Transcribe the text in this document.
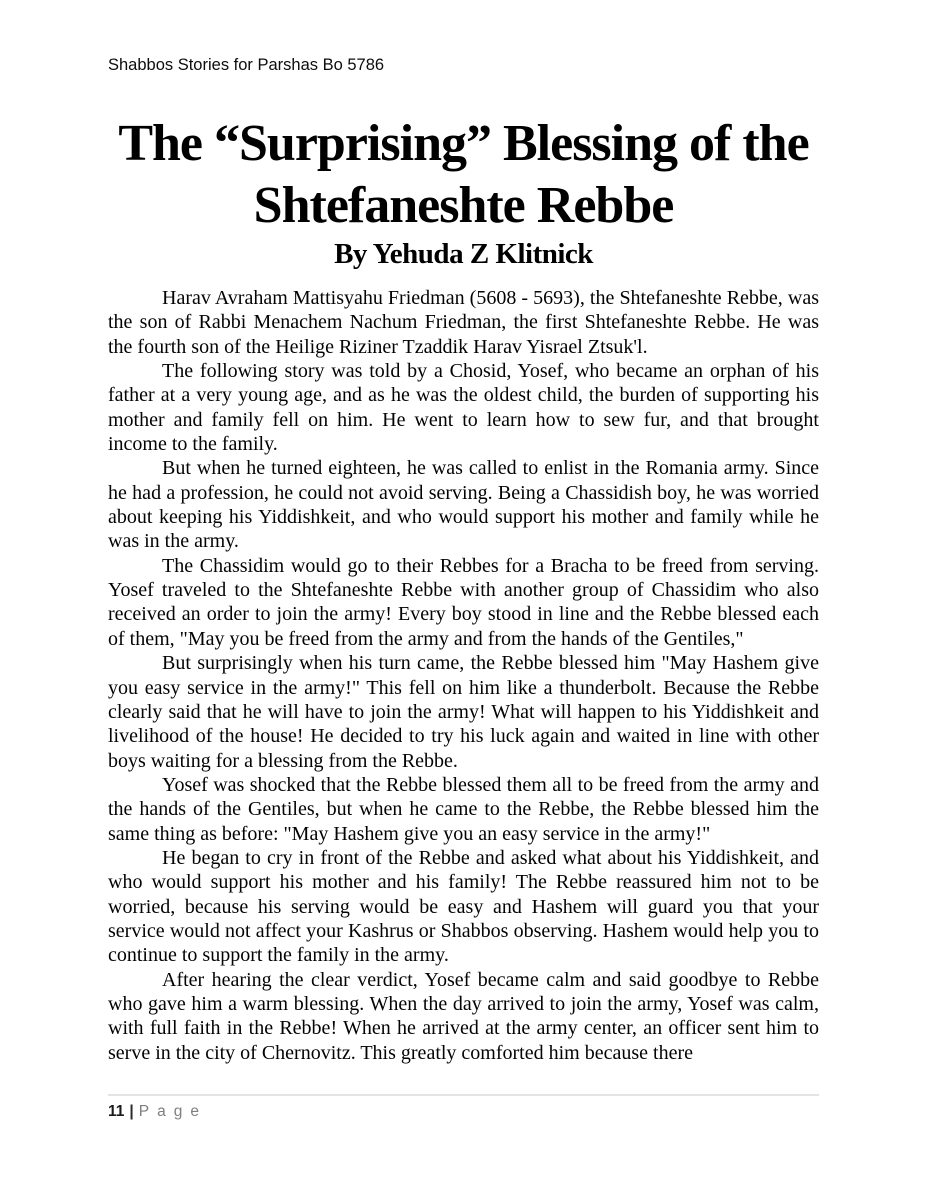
Shabbos Stories for Parshas Bo 5786
The “Surprising” Blessing of the Shtefaneshte Rebbe
By Yehuda Z Klitnick

Harav Avraham Mattisyahu Friedman (5608 - 5693), the Shtefaneshte Rebbe, was the son of Rabbi Menachem Nachum Friedman, the first Shtefaneshte Rebbe. He was the fourth son of the Heilige Riziner Tzaddik Harav Yisrael Ztsuk'l.

The following story was told by a Chosid, Yosef, who became an orphan of his father at a very young age, and as he was the oldest child, the burden of supporting his mother and family fell on him. He went to learn how to sew fur, and that brought income to the family.

But when he turned eighteen, he was called to enlist in the Romania army. Since he had a profession, he could not avoid serving. Being a Chassidish boy, he was worried about keeping his Yiddishkeit, and who would support his mother and family while he was in the army.

The Chassidim would go to their Rebbes for a Bracha to be freed from serving. Yosef traveled to the Shtefaneshte Rebbe with another group of Chassidim who also received an order to join the army! Every boy stood in line and the Rebbe blessed each of them, "May you be freed from the army and from the hands of the Gentiles,"

But surprisingly when his turn came, the Rebbe blessed him "May Hashem give you easy service in the army!" This fell on him like a thunderbolt. Because the Rebbe clearly said that he will have to join the army! What will happen to his Yiddishkeit and livelihood of the house! He decided to try his luck again and waited in line with other boys waiting for a blessing from the Rebbe.

Yosef was shocked that the Rebbe blessed them all to be freed from the army and the hands of the Gentiles, but when he came to the Rebbe, the Rebbe blessed him the same thing as before: "May Hashem give you an easy service in the army!"

He began to cry in front of the Rebbe and asked what about his Yiddishkeit, and who would support his mother and his family! The Rebbe reassured him not to be worried, because his serving would be easy and Hashem will guard you that your service would not affect your Kashrus or Shabbos observing. Hashem would help you to continue to support the family in the army.

After hearing the clear verdict, Yosef became calm and said goodbye to Rebbe who gave him a warm blessing. When the day arrived to join the army, Yosef was calm, with full faith in the Rebbe! When he arrived at the army center, an officer sent him to serve in the city of Chernovitz. This greatly comforted him because there

11 | Page
